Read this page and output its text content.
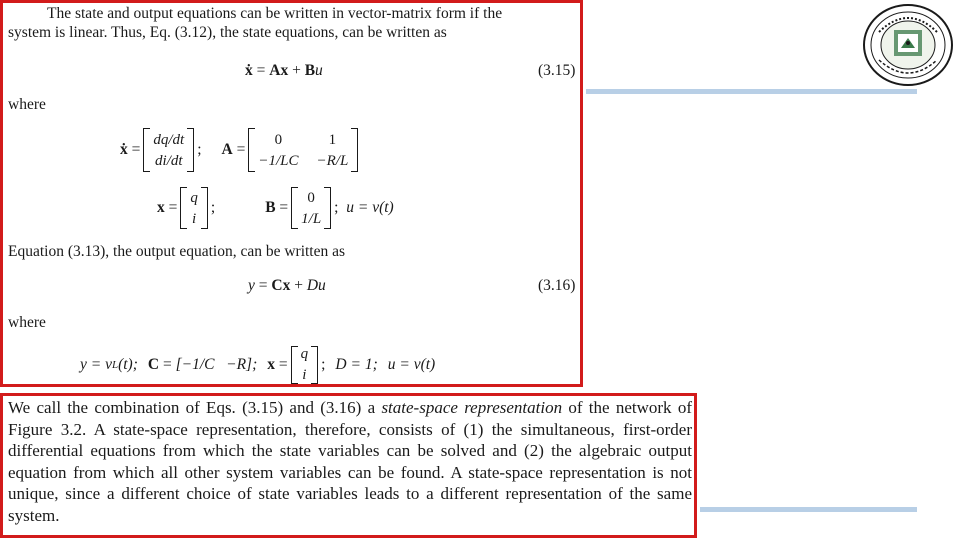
The state and output equations can be written in vector-matrix form if the
system is linear. Thus, Eq. (3.12), the state equations, can be written as
ẋ = A x + B u	(3.15)
where
ẋ =
dq/dt
di/dt
; A =
0	1
−1/LC −R/L
x =
q
i
;	B =
0
1/L
; u = v(t)
Equation (3.13), the output equation, can be written as
y = C x + D u	(3.16)
where
y = v L (t); C = [−1/C   −R]; x =
q
i
; D = 1; u = v(t)
We call the combination of Eqs. (3.15) and (3.16) a state-space representation of the network of Figure 3.2. A state-space representation, therefore, consists of (1) the simultaneous, first-order differential equations from which the state variables can be solved and (2) the algebraic output equation from which all other system variables can be found. A state-space representation is not unique, since a different choice of state variables leads to a different representation of the same system.
